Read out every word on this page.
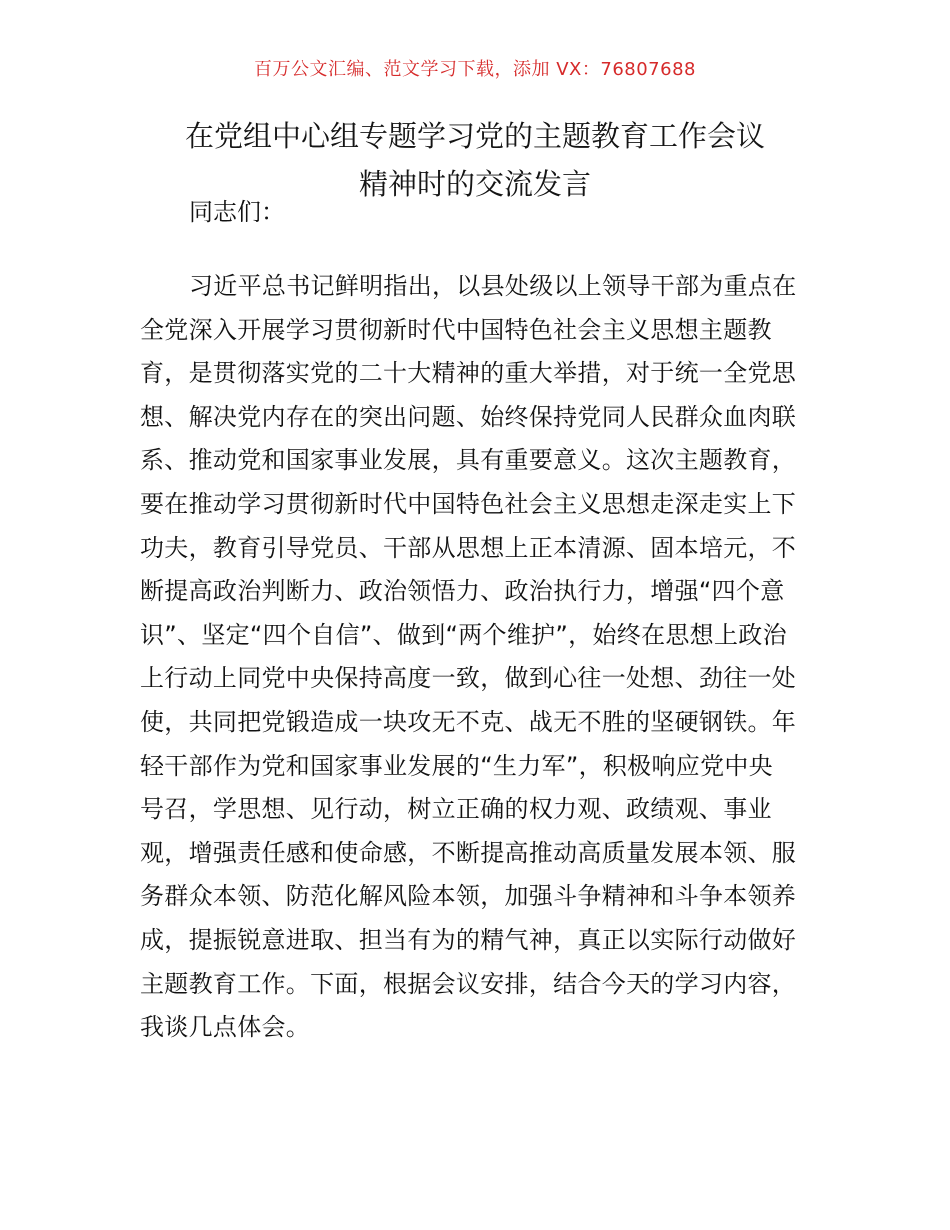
百万公文汇编、范文学习下载，添加 VX：76807688
在党组中心组专题学习党的主题教育工作会议
精神时的交流发言
同志们：

习近平总书记鲜明指出，以县处级以上领导干部为重点在
全党深入开展学习贯彻新时代中国特色社会主义思想主题教
育，是贯彻落实党的二十大精神的重大举措，对于统一全党思
想、解决党内存在的突出问题、始终保持党同人民群众血肉联
系、推动党和国家事业发展，具有重要意义。这次主题教育，
要在推动学习贯彻新时代中国特色社会主义思想走深走实上下
功夫，教育引导党员、干部从思想上正本清源、固本培元，不
断提高政治判断力、政治领悟力、政治执行力，增强“四个意
识”、坚定“四个自信”、做到“两个维护”，始终在思想上政治
上行动上同党中央保持高度一致，做到心往一处想、劲往一处
使，共同把党锻造成一块攻无不克、战无不胜的坚硬钢铁。年
轻干部作为党和国家事业发展的“生力军”，积极响应党中央
号召，学思想、见行动，树立正确的权力观、政绩观、事业
观，增强责任感和使命感，不断提高推动高质量发展本领、服
务群众本领、防范化解风险本领，加强斗争精神和斗争本领养
成，提振锐意进取、担当有为的精气神，真正以实际行动做好
主题教育工作。下面，根据会议安排，结合今天的学习内容，
我谈几点体会。
